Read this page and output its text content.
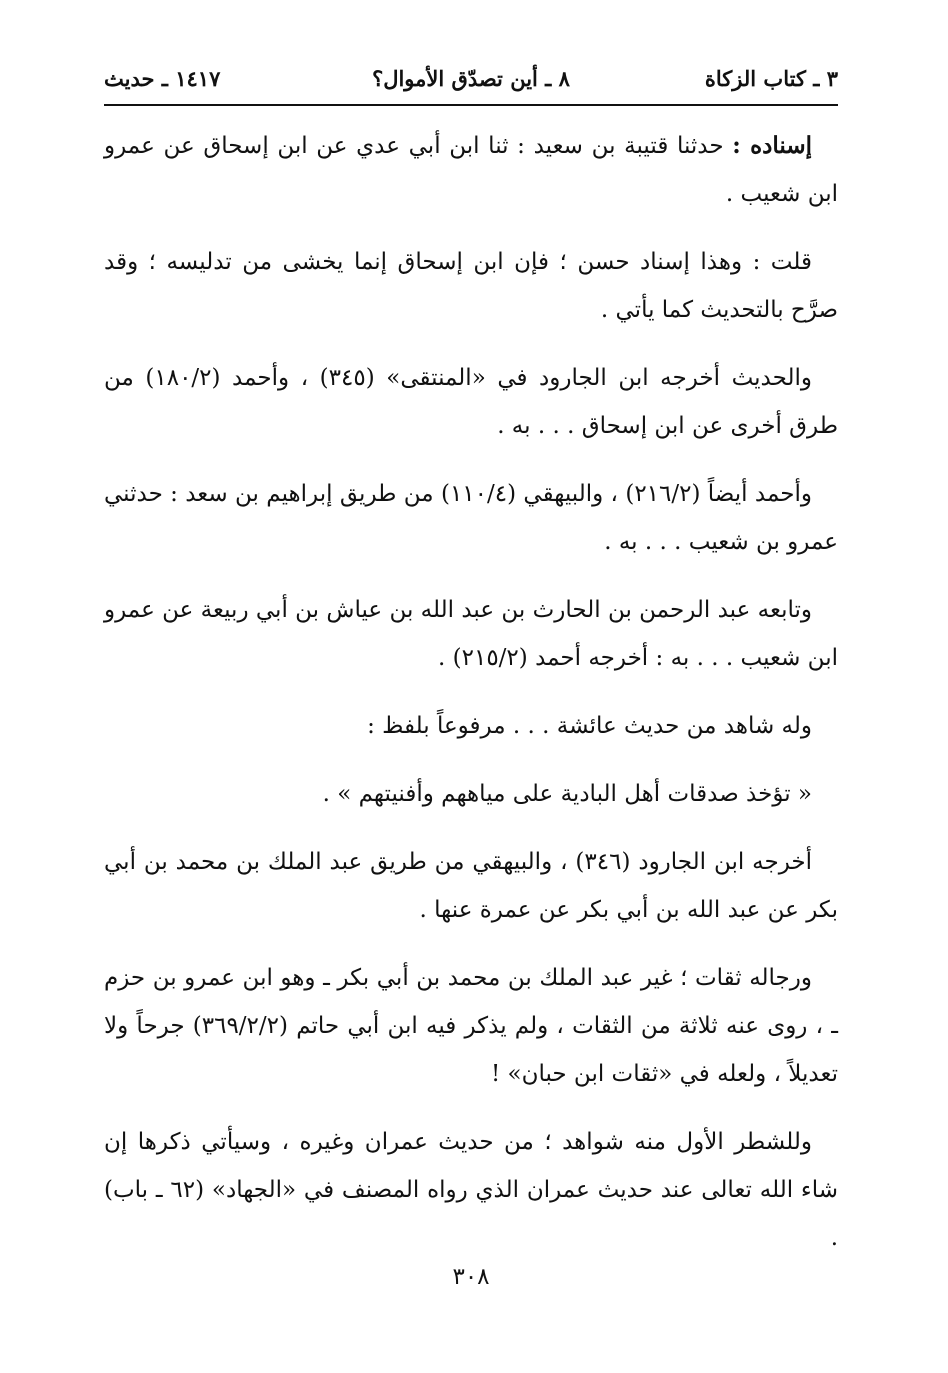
٣ ـ كتاب الزكاة
٨ ـ أين تصدّق الأموال؟
١٤١٧ ـ حديث

إسناده : حدثنا قتيبة بن سعيد : ثنا ابن أبي عدي عن ابن إسحاق عن عمرو ابن شعيب .

قلت : وهذا إسناد حسن ؛ فإن ابن إسحاق إنما يخشى من تدليسه ؛ وقد صرَّح بالتحديث كما يأتي .

والحديث أخرجه ابن الجارود في «المنتقى» (٣٤٥) ، وأحمد (١٨٠/٢) من طرق أخرى عن ابن إسحاق . . . به .

وأحمد أيضاً (٢١٦/٢) ، والبيهقي (١١٠/٤) من طريق إبراهيم بن سعد : حدثني عمرو بن شعيب . . . به .

وتابعه عبد الرحمن بن الحارث بن عبد الله بن عياش بن أبي ربيعة عن عمرو ابن شعيب . . . به : أخرجه أحمد (٢١٥/٢) .

وله شاهد من حديث عائشة . . . مرفوعاً بلفظ :

« تؤخذ صدقات أهل البادية على مياههم وأفنيتهم » .

أخرجه ابن الجارود (٣٤٦) ، والبيهقي من طريق عبد الملك بن محمد بن أبي بكر عن عبد الله بن أبي بكر عن عمرة عنها .

ورجاله ثقات ؛ غير عبد الملك بن محمد بن أبي بكر ـ وهو ابن عمرو بن حزم ـ ، روى عنه ثلاثة من الثقات ، ولم يذكر فيه ابن أبي حاتم (٣٦٩/٢/٢) جرحاً ولا تعديلاً ، ولعله في «ثقات ابن حبان» !

وللشطر الأول منه شواهد ؛ من حديث عمران وغيره ، وسيأتي ذكرها إن شاء الله تعالى عند حديث عمران الذي رواه المصنف في «الجهاد» (٦٢ ـ باب) .

٣٠٨
